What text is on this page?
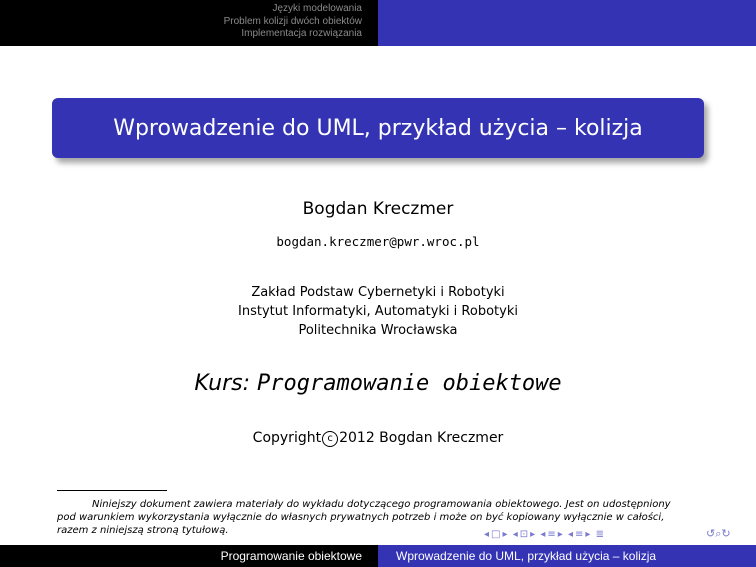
Języki modelowania
Problem kolizji dwóch obiektów
Implementacja rozwiązania
Wprowadzenie do UML, przykład użycia – kolizja
Bogdan Kreczmer
bogdan.kreczmer@pwr.wroc.pl
Zakład Podstaw Cybernetyki i Robotyki
Instytut Informatyki, Automatyki i Robotyki
Politechnika Wrocławska
Kurs: Programowanie obiektowe
Copyright c 2012 Bogdan Kreczmer
Niniejszy dokument zawiera materiały do wykładu dotyczącego programowania obiektowego. Jest on udostępniony pod warunkiem wykorzystania wyłącznie do własnych prywatnych potrzeb i może on być kopiowany wyłącznie w całości, razem z niniejszą stroną tytułową.	◂ □ ▸ ◂ ⊡ ▸ ◂ ≡ ▸ ◂ ≡ ▸ ≣	↺⌕↻
Programowanie obiektowe	Wprowadzenie do UML, przykład użycia – kolizja
